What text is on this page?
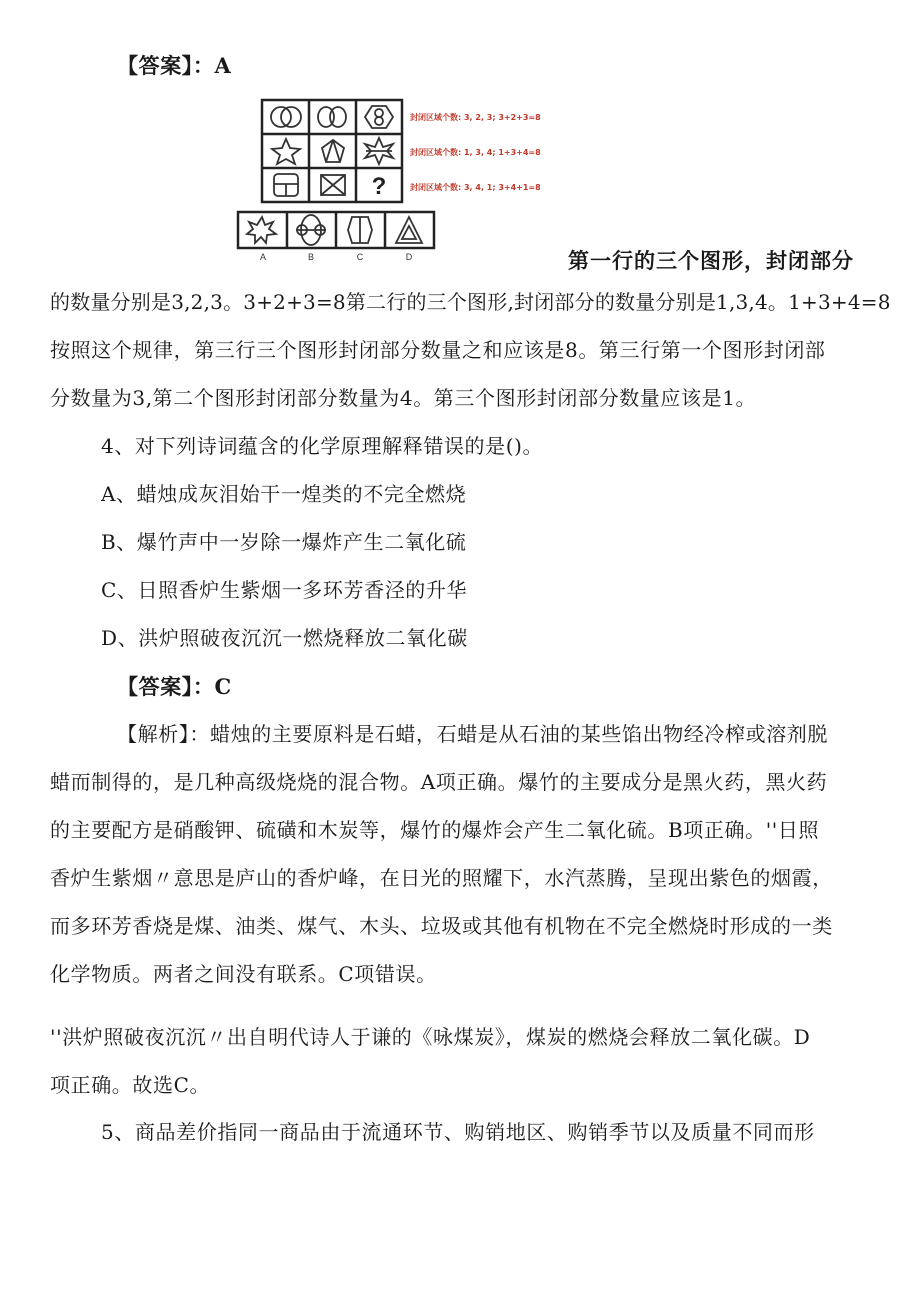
【答案】：A
?
封闭区域个数: 3, 2, 3; 3+2+3=8
封闭区域个数: 1, 3, 4; 1+3+4=8
封闭区域个数: 3, 4, 1; 3+4+1=8
A	B	C	D	第一行的三个图形，封闭部分
的数量分别是3,2,3。3+2+3=8第二行的三个图形,封闭部分的数量分别是1,3,4。1+3+4=8
按照这个规律，第三行三个图形封闭部分数量之和应该是8。第三行第一个图形封闭部
分数量为3,第二个图形封闭部分数量为4。第三个图形封闭部分数量应该是1。
4、对下列诗词蕴含的化学原理解释错误的是()。
A、蜡烛成灰泪始干一煌类的不完全燃烧
B、爆竹声中一岁除一爆炸产生二氧化硫
C、日照香炉生紫烟一多环芳香泾的升华
D、洪炉照破夜沉沉一燃烧释放二氧化碳
【答案】：C
【解析】：蜡烛的主要原料是石蜡，石蜡是从石油的某些馅出物经冷榨或溶剂脱
蜡而制得的，是几种高级烧烧的混合物。A项正确。爆竹的主要成分是黑火药，黑火药
的主要配方是硝酸钾、硫磺和木炭等，爆竹的爆炸会产生二氧化硫。B项正确。''日照
香炉生紫烟〃意思是庐山的香炉峰，在日光的照耀下，水汽蒸腾，呈现出紫色的烟霞，
而多环芳香烧是煤、油类、煤气、木头、垃圾或其他有机物在不完全燃烧时形成的一类
化学物质。两者之间没有联系。C项错误。
''洪炉照破夜沉沉〃出自明代诗人于谦的《咏煤炭》，煤炭的燃烧会释放二氧化碳。D
项正确。故选C。
5、商品差价指同一商品由于流通环节、购销地区、购销季节以及质量不同而形
